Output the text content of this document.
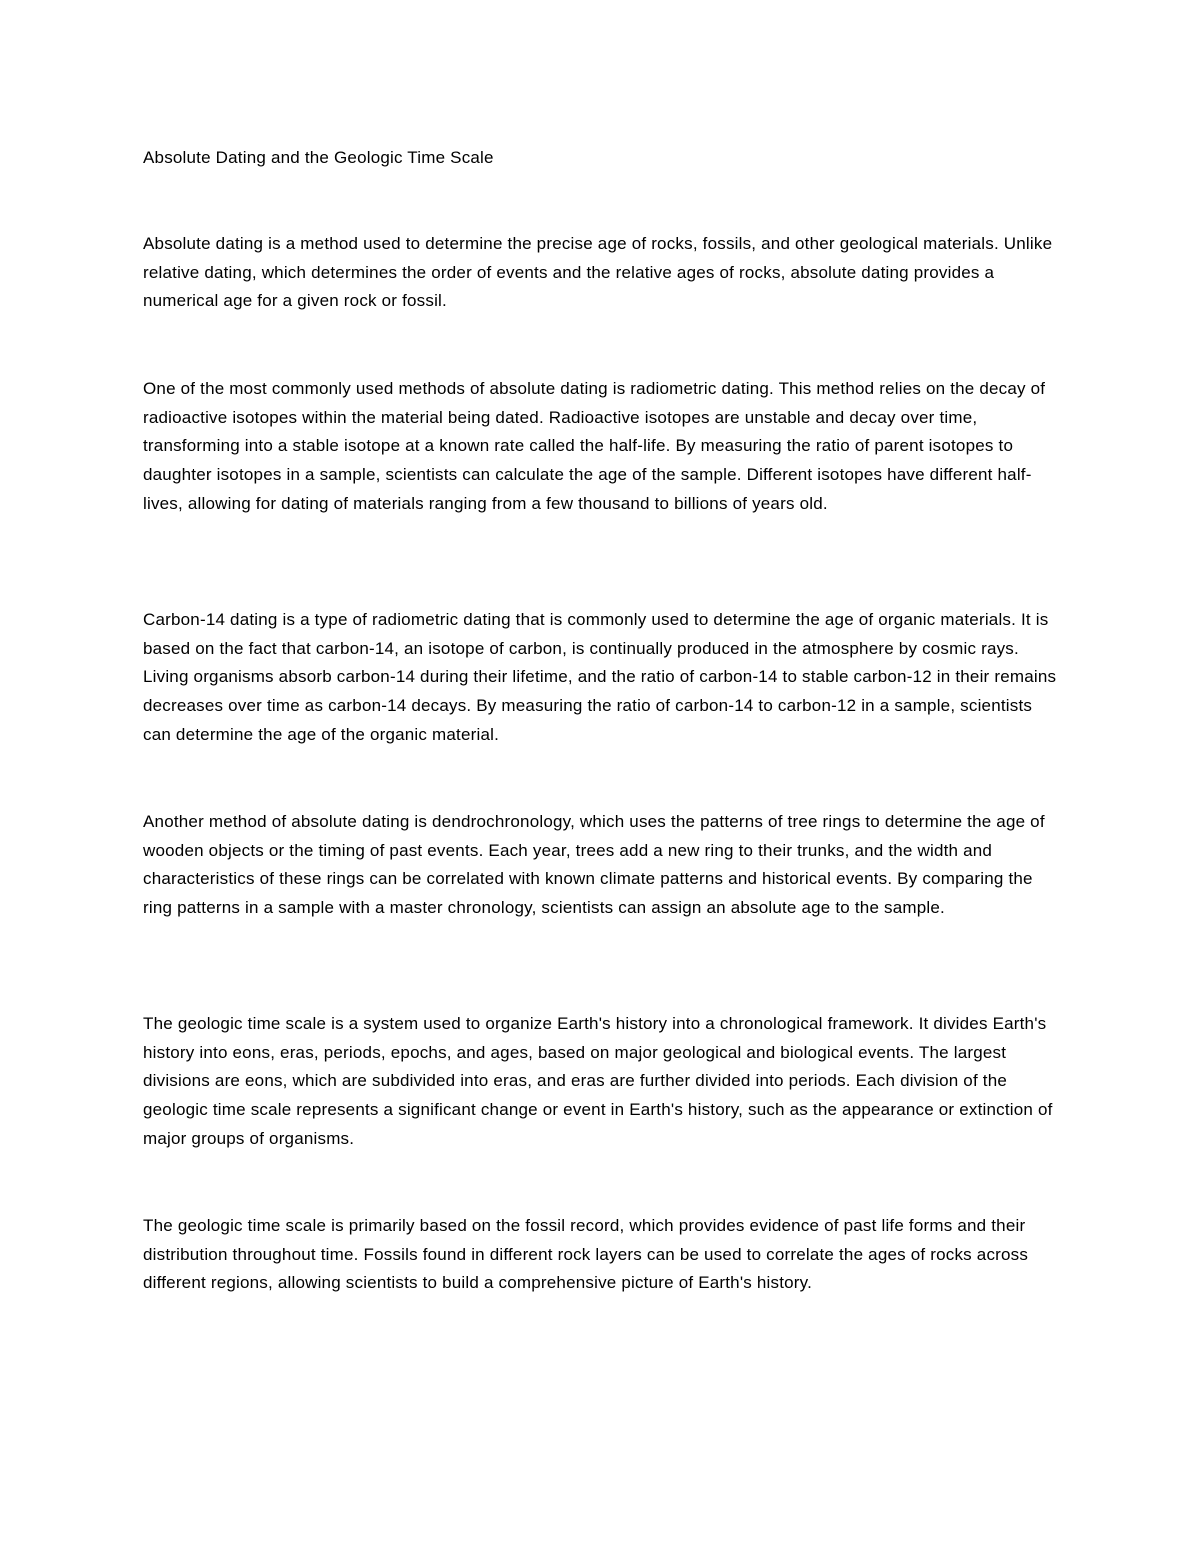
Absolute Dating and the Geologic Time Scale

Absolute dating is a method used to determine the precise age of rocks, fossils, and other geological materials. Unlike relative dating, which determines the order of events and the relative ages of rocks, absolute dating provides a numerical age for a given rock or fossil.

One of the most commonly used methods of absolute dating is radiometric dating. This method relies on the decay of radioactive isotopes within the material being dated. Radioactive isotopes are unstable and decay over time, transforming into a stable isotope at a known rate called the half-life. By measuring the ratio of parent isotopes to daughter isotopes in a sample, scientists can calculate the age of the sample. Different isotopes have different half-lives, allowing for dating of materials ranging from a few thousand to billions of years old.

Carbon-14 dating is a type of radiometric dating that is commonly used to determine the age of organic materials. It is based on the fact that carbon-14, an isotope of carbon, is continually produced in the atmosphere by cosmic rays. Living organisms absorb carbon-14 during their lifetime, and the ratio of carbon-14 to stable carbon-12 in their remains decreases over time as carbon-14 decays. By measuring the ratio of carbon-14 to carbon-12 in a sample, scientists can determine the age of the organic material.

Another method of absolute dating is dendrochronology, which uses the patterns of tree rings to determine the age of wooden objects or the timing of past events. Each year, trees add a new ring to their trunks, and the width and characteristics of these rings can be correlated with known climate patterns and historical events. By comparing the ring patterns in a sample with a master chronology, scientists can assign an absolute age to the sample.

The geologic time scale is a system used to organize Earth's history into a chronological framework. It divides Earth's history into eons, eras, periods, epochs, and ages, based on major geological and biological events. The largest divisions are eons, which are subdivided into eras, and eras are further divided into periods. Each division of the geologic time scale represents a significant change or event in Earth's history, such as the appearance or extinction of major groups of organisms.

The geologic time scale is primarily based on the fossil record, which provides evidence of past life forms and their distribution throughout time. Fossils found in different rock layers can be used to correlate the ages of rocks across different regions, allowing scientists to build a comprehensive picture of Earth's history.
